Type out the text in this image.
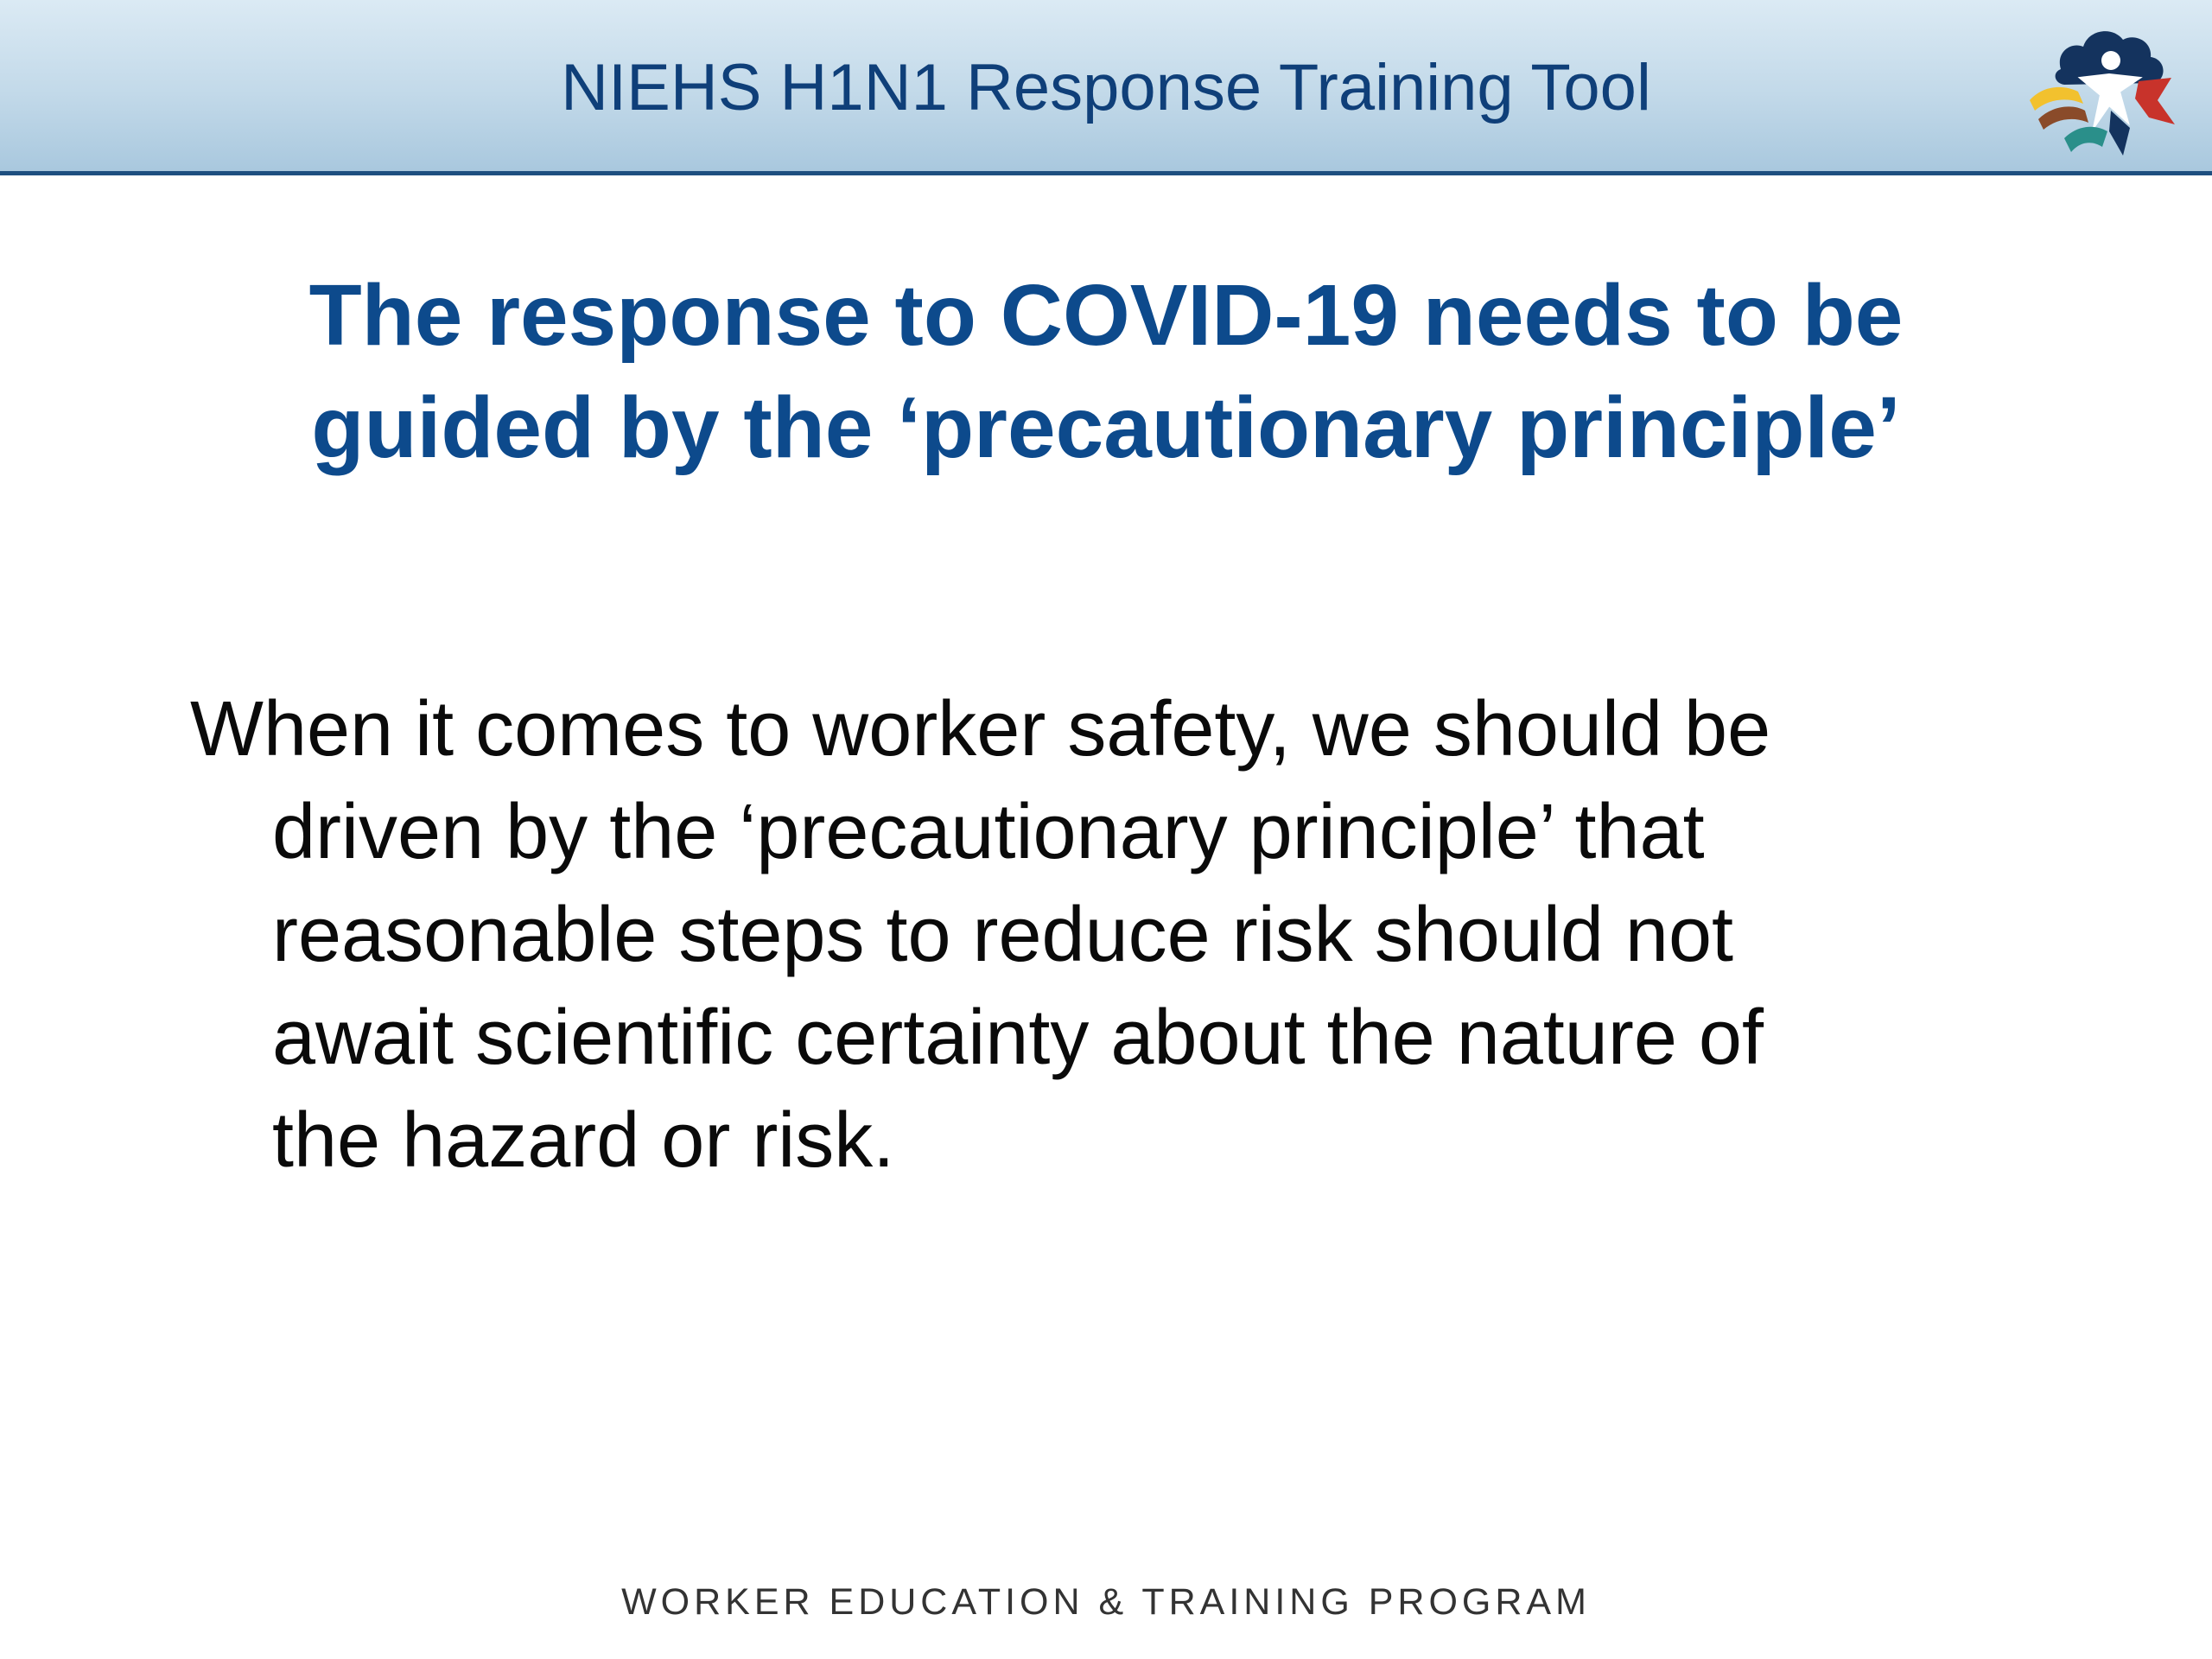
NIEHS H1N1 Response Training Tool
The response to COVID-19 needs to be
guided by the ‘precautionary principle’
When it comes to worker safety, we should be
driven by the ‘precautionary principle’ that
reasonable steps to reduce risk should not
await scientific certainty about the nature of
the hazard or risk.
WORKER EDUCATION & TRAINING PROGRAM
